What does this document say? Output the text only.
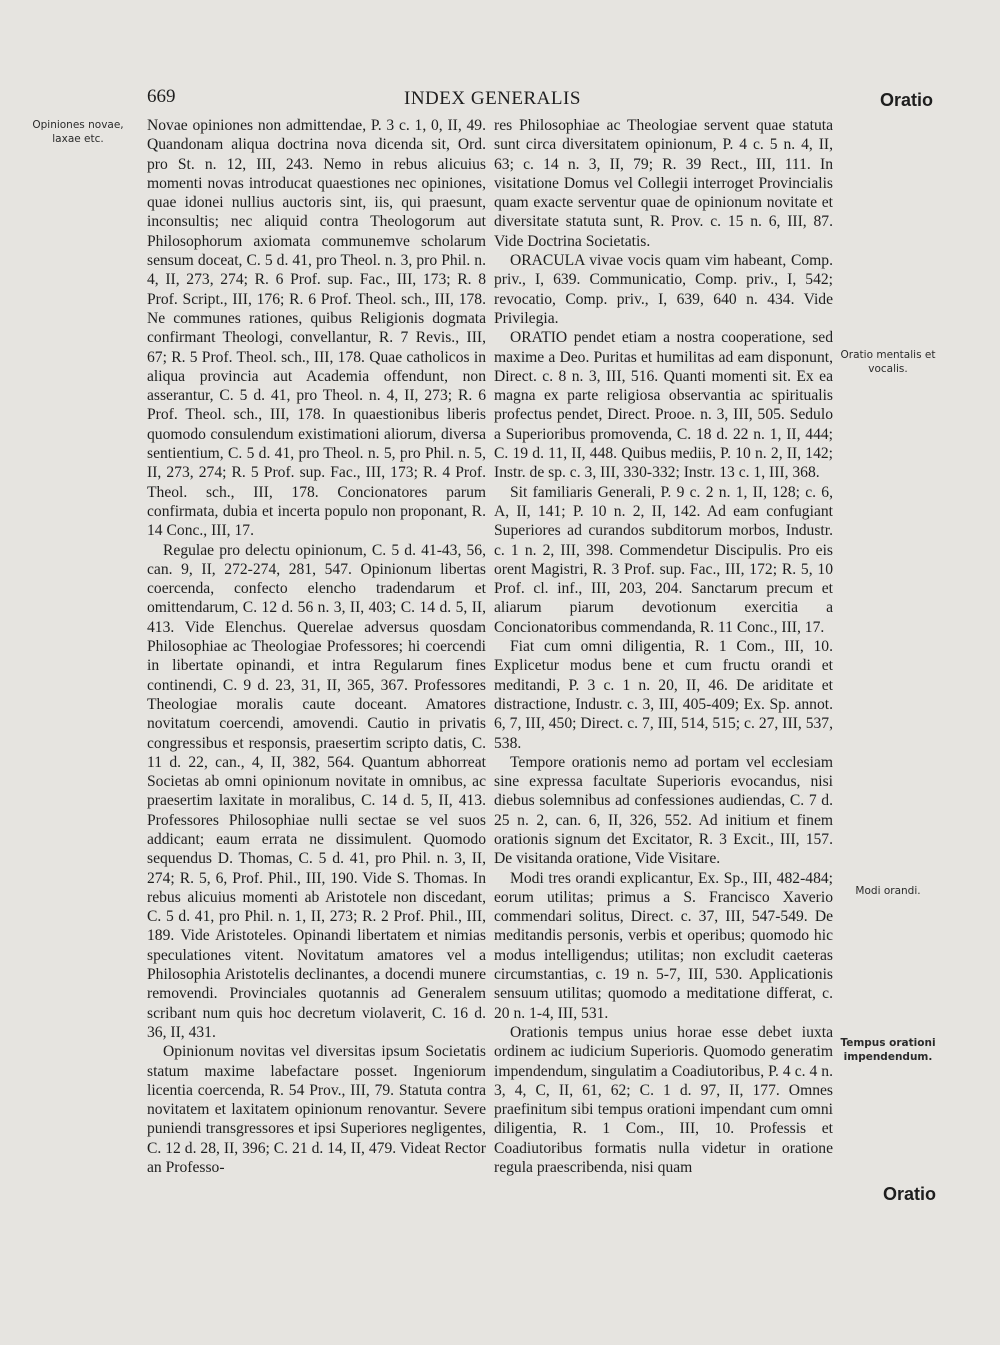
669	INDEX GENERALIS	Oratio
Opiniones novae, laxae etc.
Oratio mentalis et vocalis.
Modi orandi.
Tempus orationi impendendum.

Novae opiniones non admittendae, P. 3 c. 1, 0, II, 49. Quandonam aliqua doctrina nova dicenda sit, Ord. pro St. n. 12, III, 243. Nemo in rebus alicuius momenti novas introducat quaestiones nec opiniones, quae idonei nullius auctoris sint, iis, qui praesunt, inconsultis; nec aliquid contra Theologorum aut Philosophorum axiomata communemve scholarum sensum doceat, C. 5 d. 41, pro Theol. n. 3, pro Phil. n. 4, II, 273, 274; R. 6 Prof. sup. Fac., III, 173; R. 8 Prof. Script., III, 176; R. 6 Prof. Theol. sch., III, 178. Ne communes rationes, quibus Religionis dogmata confirmant Theologi, convellantur, R. 7 Revis., III, 67; R. 5 Prof. Theol. sch., III, 178. Quae catholicos in aliqua provincia aut Academia offendunt, non asserantur, C. 5 d. 41, pro Theol. n. 4, II, 273; R. 6 Prof. Theol. sch., III, 178. In quaestionibus liberis quomodo consulendum existimationi aliorum, diversa sentientium, C. 5 d. 41, pro Theol. n. 5, pro Phil. n. 5, II, 273, 274; R. 5 Prof. sup. Fac., III, 173; R. 4 Prof. Theol. sch., III, 178. Concionatores parum confirmata, dubia et incerta populo non proponant, R. 14 Conc., III, 17.

Regulae pro delectu opinionum, C. 5 d. 41-43, 56, can. 9, II, 272-274, 281, 547. Opinionum libertas coercenda, confecto elencho tradendarum et omittendarum, C. 12 d. 56 n. 3, II, 403; C. 14 d. 5, II, 413. Vide Elenchus. Querelae adversus quosdam Philosophiae ac Theologiae Professores; hi coercendi in libertate opinandi, et intra Regularum fines continendi, C. 9 d. 23, 31, II, 365, 367. Professores Theologiae moralis caute doceant. Amatores novitatum coercendi, amovendi. Cautio in privatis congressibus et responsis, praesertim scripto datis, C. 11 d. 22, can., 4, II, 382, 564. Quantum abhorreat Societas ab omni opinionum novitate in omnibus, ac praesertim laxitate in moralibus, C. 14 d. 5, II, 413. Professores Philosophiae nulli sectae se vel suos addicant; eaum errata ne dissimulent. Quomodo sequendus D. Thomas, C. 5 d. 41, pro Phil. n. 3, II, 274; R. 5, 6, Prof. Phil., III, 190. Vide S. Thomas. In rebus alicuius momenti ab Aristotele non discedant, C. 5 d. 41, pro Phil. n. 1, II, 273; R. 2 Prof. Phil., III, 189. Vide Aristoteles. Opinandi libertatem et nimias speculationes vitent. Novitatum amatores vel a Philosophia Aristotelis declinantes, a docendi munere removendi. Provinciales quotannis ad Generalem scribant num quis hoc decretum violaverit, C. 16 d. 36, II, 431.

Opinionum novitas vel diversitas ipsum Societatis statum maxime labefactare posset. Ingeniorum licentia coercenda, R. 54 Prov., III, 79. Statuta contra novitatem et laxitatem opinionum renovantur. Severe puniendi transgressores et ipsi Superiores negligentes, C. 12 d. 28, II, 396; C. 21 d. 14, II, 479. Videat Rector an Professo-

res Philosophiae ac Theologiae servent quae statuta sunt circa diversitatem opinionum, P. 4 c. 5 n. 4, II, 63; c. 14 n. 3, II, 79; R. 39 Rect., III, 111. In visitatione Domus vel Collegii interroget Provincialis quam exacte serventur quae de opinionum novitate et diversitate statuta sunt, R. Prov. c. 15 n. 6, III, 87. Vide Doctrina Societatis.

ORACULA vivae vocis quam vim habeant, Comp. priv., I, 639. Communicatio, Comp. priv., I, 542; revocatio, Comp. priv., I, 639, 640 n. 434. Vide Privilegia.

ORATIO pendet etiam a nostra cooperatione, sed maxime a Deo. Puritas et humilitas ad eam disponunt, Direct. c. 8 n. 3, III, 516. Quanti momenti sit. Ex ea magna ex parte religiosa observantia ac spiritualis profectus pendet, Direct. Prooe. n. 3, III, 505. Sedulo a Superioribus promovenda, C. 18 d. 22 n. 1, II, 444; C. 19 d. 11, II, 448. Quibus mediis, P. 10 n. 2, II, 142; Instr. de sp. c. 3, III, 330-332; Instr. 13 c. 1, III, 368.

Sit familiaris Generali, P. 9 c. 2 n. 1, II, 128; c. 6, A, II, 141; P. 10 n. 2, II, 142. Ad eam confugiant Superiores ad curandos subditorum morbos, Industr. c. 1 n. 2, III, 398. Commendetur Discipulis. Pro eis orent Magistri, R. 3 Prof. sup. Fac., III, 172; R. 5, 10 Prof. cl. inf., III, 203, 204. Sanctarum precum et aliarum piarum devotionum exercitia a Concionatoribus commendanda, R. 11 Conc., III, 17.

Fiat cum omni diligentia, R. 1 Com., III, 10. Explicetur modus bene et cum fructu orandi et meditandi, P. 3 c. 1 n. 20, II, 46. De ariditate et distractione, Industr. c. 3, III, 405-409; Ex. Sp. annot. 6, 7, III, 450; Direct. c. 7, III, 514, 515; c. 27, III, 537, 538.

Tempore orationis nemo ad portam vel ecclesiam sine expressa facultate Superioris evocandus, nisi diebus solemnibus ad confessiones audiendas, C. 7 d. 25 n. 2, can. 6, II, 326, 552. Ad initium et finem orationis signum det Excitator, R. 3 Excit., III, 157. De visitanda oratione, Vide Visitare.

Modi tres orandi explicantur, Ex. Sp., III, 482-484; eorum utilitas; primus a S. Francisco Xaverio commendari solitus, Direct. c. 37, III, 547-549. De meditandis personis, verbis et operibus; quomodo hic modus intelligendus; utilitas; non excludit caeteras circumstantias, c. 19 n. 5-7, III, 530. Applicationis sensuum utilitas; quomodo a meditatione differat, c. 20 n. 1-4, III, 531.

Orationis tempus unius horae esse debet iuxta ordinem ac iudicium Superioris. Quomodo generatim impendendum, singulatim a Coadiutoribus, P. 4 c. 4 n. 3, 4, C, II, 61, 62; C. 1 d. 97, II, 177. Omnes praefinitum sibi tempus orationi impendant cum omni diligentia, R. 1 Com., III, 10. Professis et Coadiutoribus formatis nulla videtur in oratione regula praescribenda, nisi quam

Oratio
